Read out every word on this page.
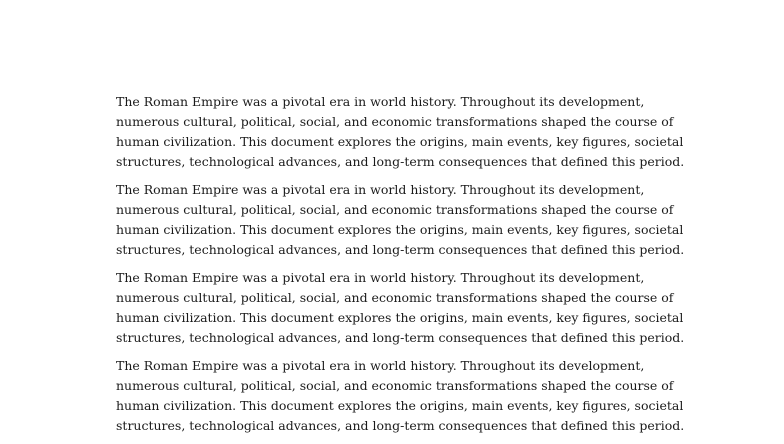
The Roman Empire was a pivotal era in world history. Throughout its development,
numerous cultural, political, social, and economic transformations shaped the course of
human civilization. This document explores the origins, main events, key figures, societal
structures, technological advances, and long-term consequences that defined this period.

The Roman Empire was a pivotal era in world history. Throughout its development,
numerous cultural, political, social, and economic transformations shaped the course of
human civilization. This document explores the origins, main events, key figures, societal
structures, technological advances, and long-term consequences that defined this period.

The Roman Empire was a pivotal era in world history. Throughout its development,
numerous cultural, political, social, and economic transformations shaped the course of
human civilization. This document explores the origins, main events, key figures, societal
structures, technological advances, and long-term consequences that defined this period.

The Roman Empire was a pivotal era in world history. Throughout its development,
numerous cultural, political, social, and economic transformations shaped the course of
human civilization. This document explores the origins, main events, key figures, societal
structures, technological advances, and long-term consequences that defined this period.
